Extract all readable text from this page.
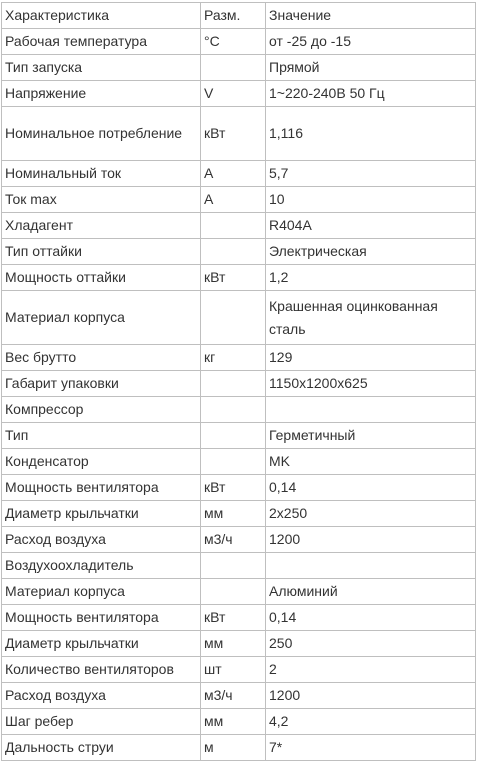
Характеристика	Разм.	Значение
Рабочая температура	°C	от -25 до -15
Тип запуска		Прямой
Напряжение	V	1~220-240В 50 Гц
Номинальное потребление	кВт	1,116
Номинальный ток	А	5,7
Ток max	А	10
Хладагент		R404A
Тип оттайки		Электрическая
Мощность оттайки	кВт	1,2
Материал корпуса		Крашенная оцинкованная сталь
Вес брутто	кг	129
Габарит упаковки		1150x1200x625
Компрессор		
Тип		Герметичный
Конденсатор		MK
Мощность вентилятора	кВт	0,14
Диаметр крыльчатки	мм	2x250
Расход воздуха	м3/ч	1200
Воздухоохладитель		
Материал корпуса		Алюминий
Мощность вентилятора	кВт	0,14
Диаметр крыльчатки	мм	250
Количество вентиляторов	шт	2
Расход воздуха	м3/ч	1200
Шаг ребер	мм	4,2
Дальность струи	м	7*
